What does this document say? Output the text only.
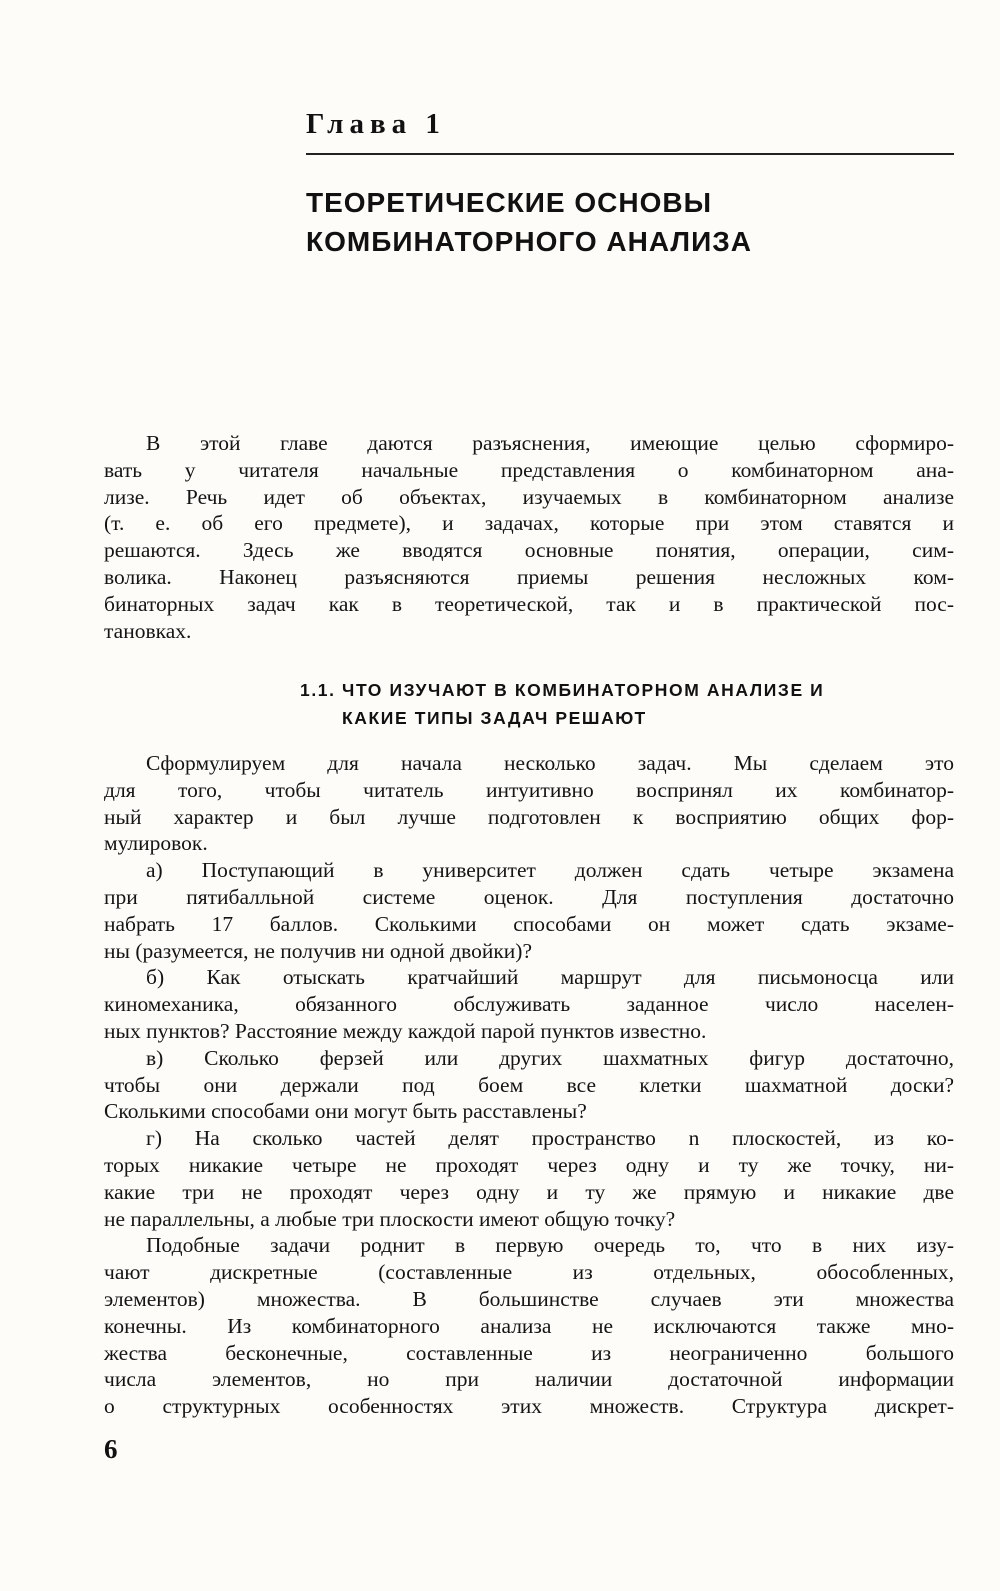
Глава 1
ТЕОРЕТИЧЕСКИЕ ОСНОВЫ
КОМБИНАТОРНОГО АНАЛИЗА
В этой главе даются разъяснения, имеющие целью сформиро-
вать у читателя начальные представления о комбинаторном ана-
лизе. Речь идет об объектах, изучаемых в комбинаторном анализе
(т. е. об его предмете), и задачах, которые при этом ставятся и
решаются. Здесь же вводятся основные понятия, операции, сим-
волика. Наконец разъясняются приемы решения несложных ком-
бинаторных задач как в теоретической, так и в практической пос-
тановках.
1.1. ЧТО ИЗУЧАЮТ В КОМБИНАТОРНОМ АНАЛИЗЕ И
КАКИЕ ТИПЫ ЗАДАЧ РЕШАЮТ
Сформулируем для начала несколько задач. Мы сделаем это
для того, чтобы читатель интуитивно воспринял их комбинатор-
ный характер и был лучше подготовлен к восприятию общих фор-
мулировок.
а) Поступающий в университет должен сдать четыре экзамена
при пятибалльной системе оценок. Для поступления достаточно
набрать 17 баллов. Сколькими способами он может сдать экзаме-
ны (разумеется, не получив ни одной двойки)?
б) Как отыскать кратчайший маршрут для письмоносца или
киномеханика, обязанного обслуживать заданное число населен-
ных пунктов? Расстояние между каждой парой пунктов известно.
в) Сколько ферзей или других шахматных фигур достаточно,
чтобы они держали под боем все клетки шахматной доски?
Сколькими способами они могут быть расставлены?
г) На сколько частей делят пространство n плоскостей, из ко-
торых никакие четыре не проходят через одну и ту же точку, ни-
какие три не проходят через одну и ту же прямую и никакие две
не параллельны, а любые три плоскости имеют общую точку?
Подобные задачи роднит в первую очередь то, что в них изу-
чают дискретные (составленные из отдельных, обособленных,
элементов) множества. В большинстве случаев эти множества
конечны. Из комбинаторного анализа не исключаются также мно-
жества бесконечные, составленные из неограниченно большого
числа элементов, но при наличии достаточной информации
о структурных особенностях этих множеств. Структура дискрет-
6
